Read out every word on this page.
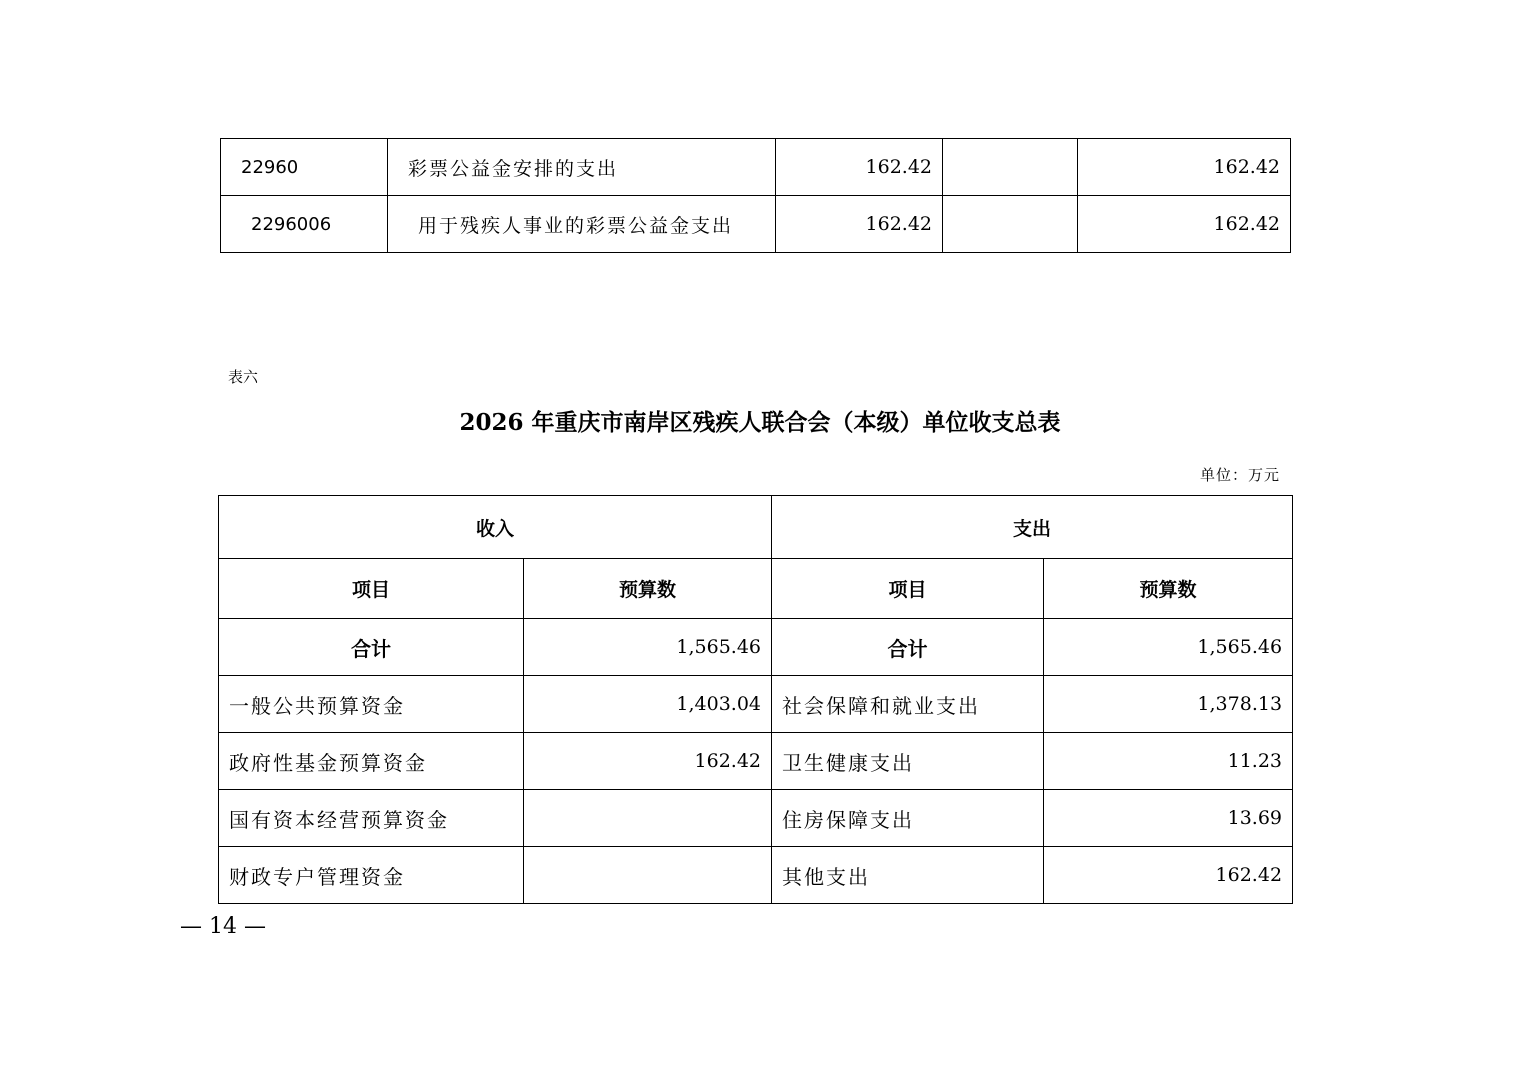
22960	彩票公益金安排的支出	162.42		162.42
2296006	用于残疾人事业的彩票公益金支出	162.42		162.42
表六
2026 年重庆市南岸区残疾人联合会（本级）单位收支总表
单位：万元
收入		支出	
项目	预算数	项目	预算数
合计	1,565.46	合计	1,565.46
一般公共预算资金	1,403.04	社会保障和就业支出	1,378.13
政府性基金预算资金	162.42	卫生健康支出	11.23
国有资本经营预算资金		住房保障支出	13.69
财政专户管理资金		其他支出	162.42
— 14 —
